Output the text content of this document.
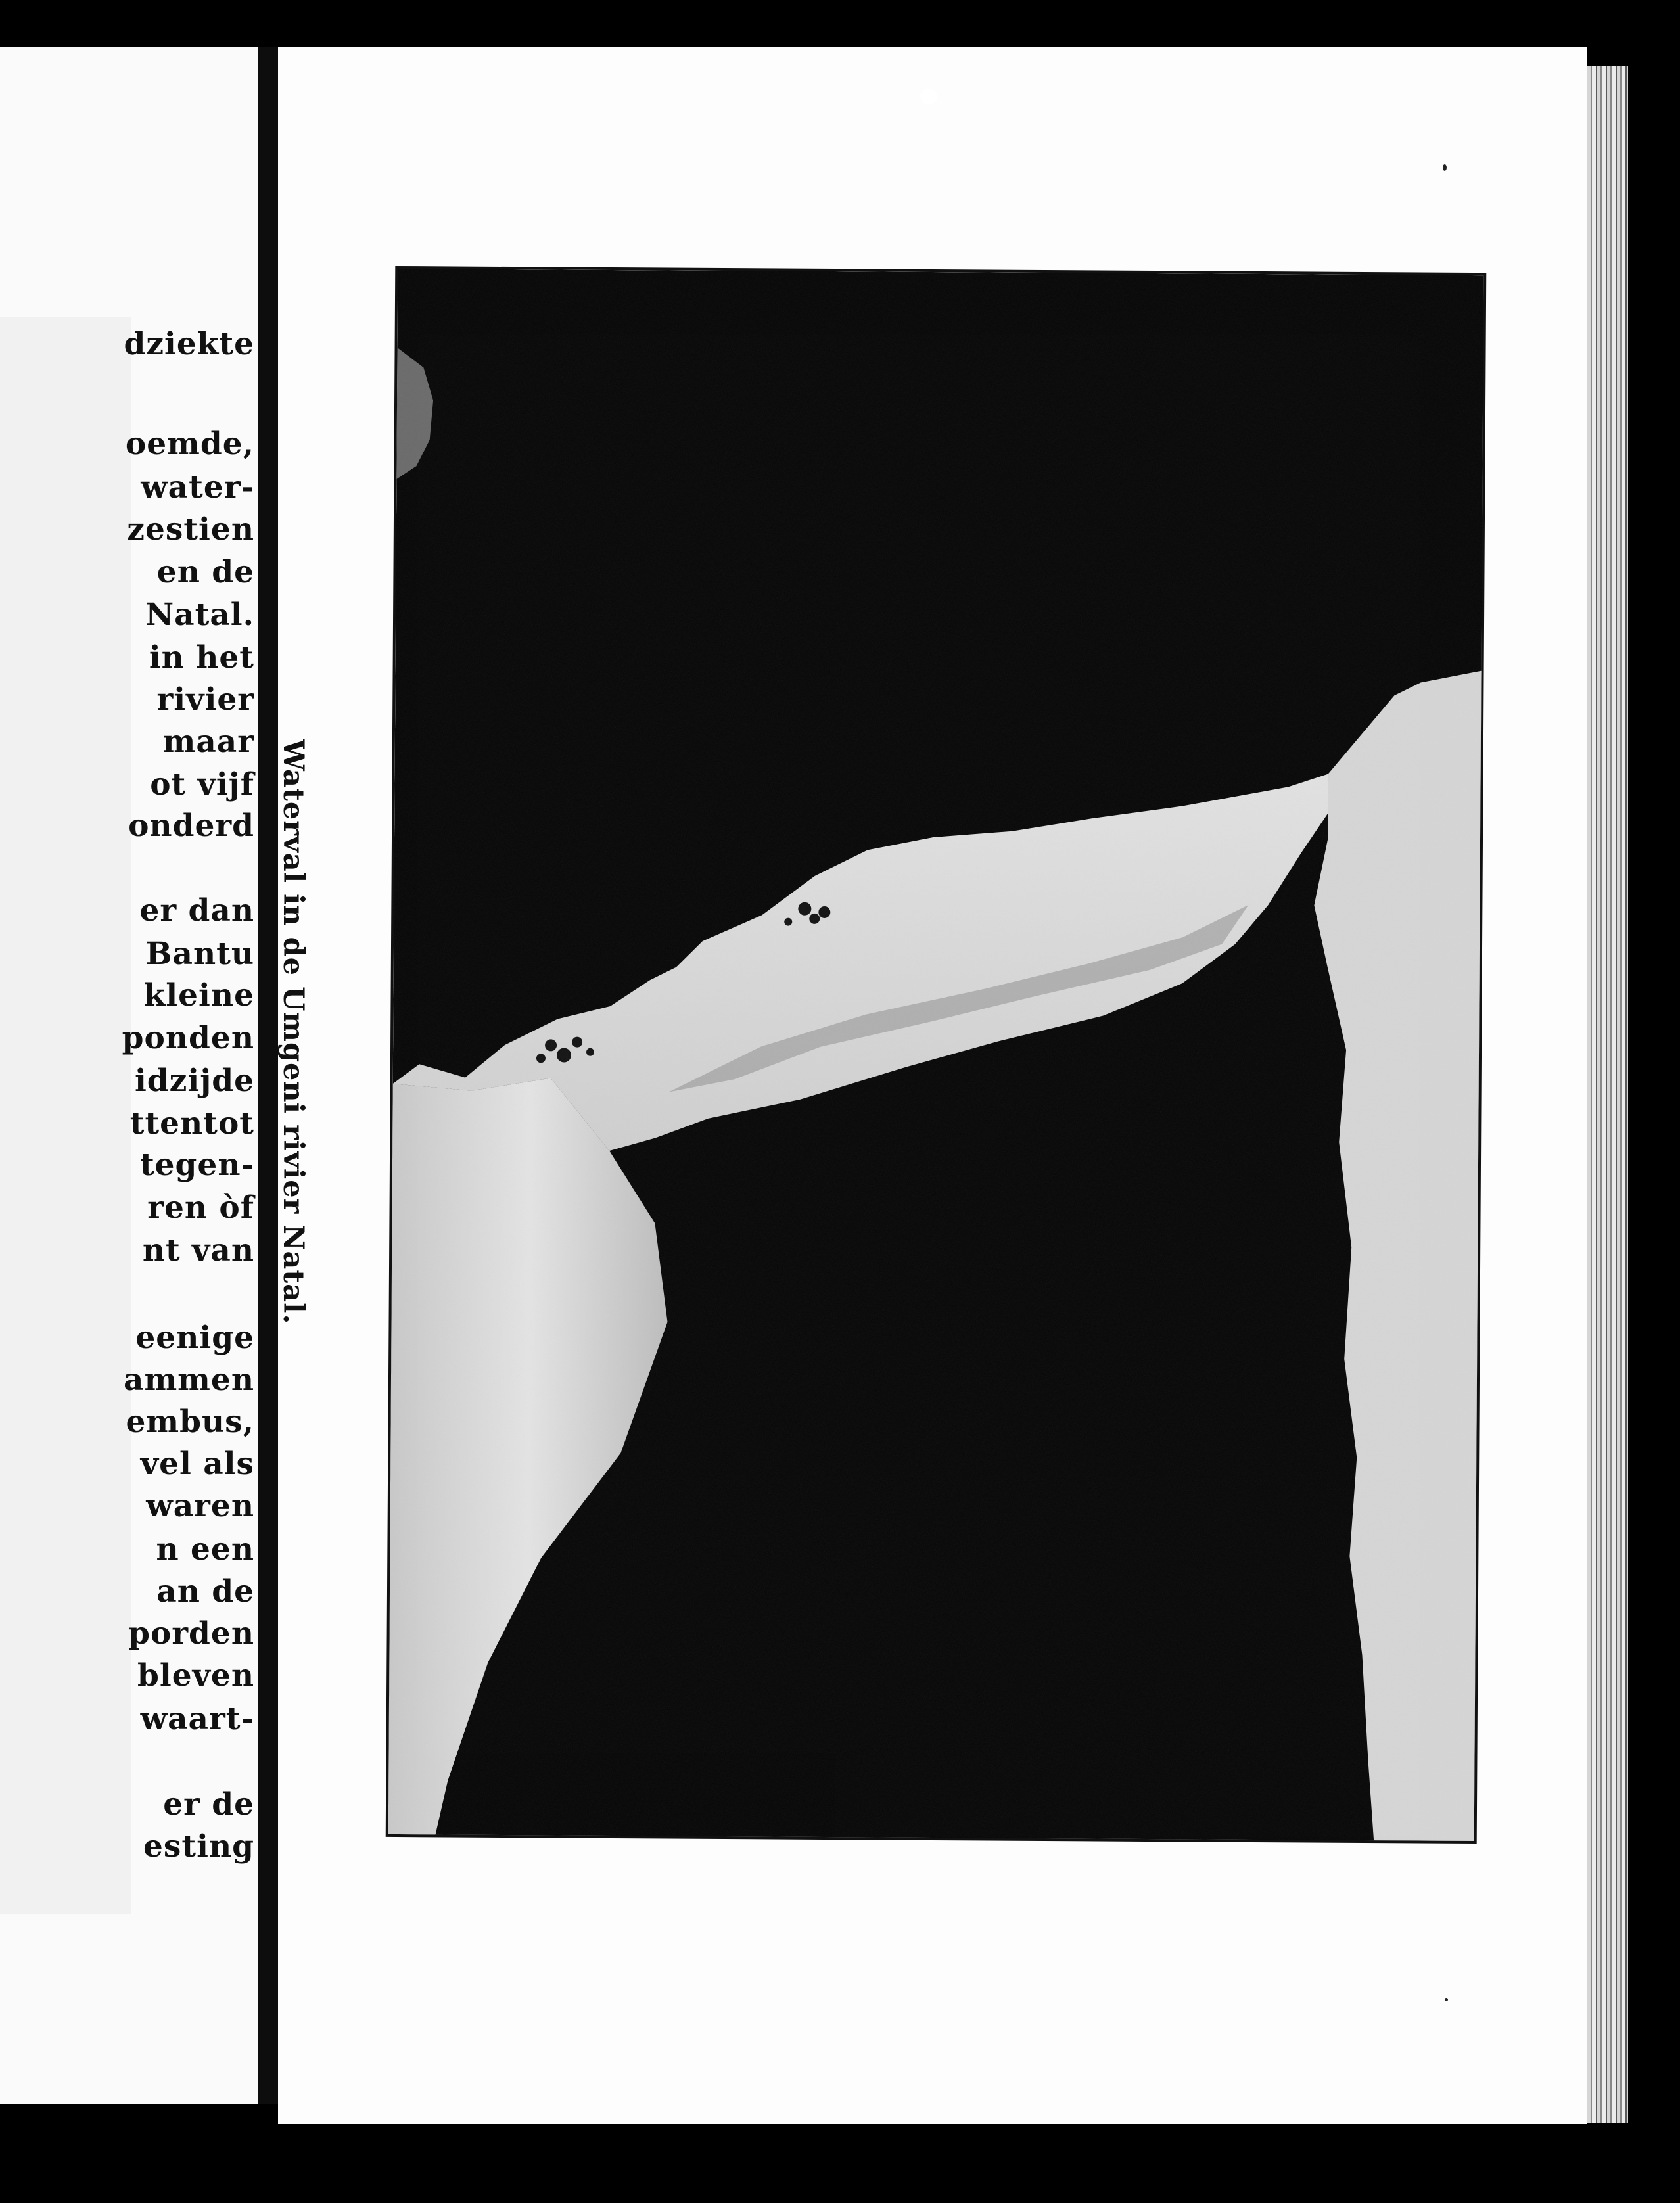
dziekte
oemde,
water-
zestien
en de
Natal.
in het
rivier
maar
ot vijf
onderd
er dan
Bantu
kleine
ponden
idzijde
ttentot
tegen-
ren òf
nt van
eenige
ammen
embus,
vel als
waren
n een
an de
porden
bleven
waart-
er de
esting
Waterval in de Umgeni rivier Natal.
